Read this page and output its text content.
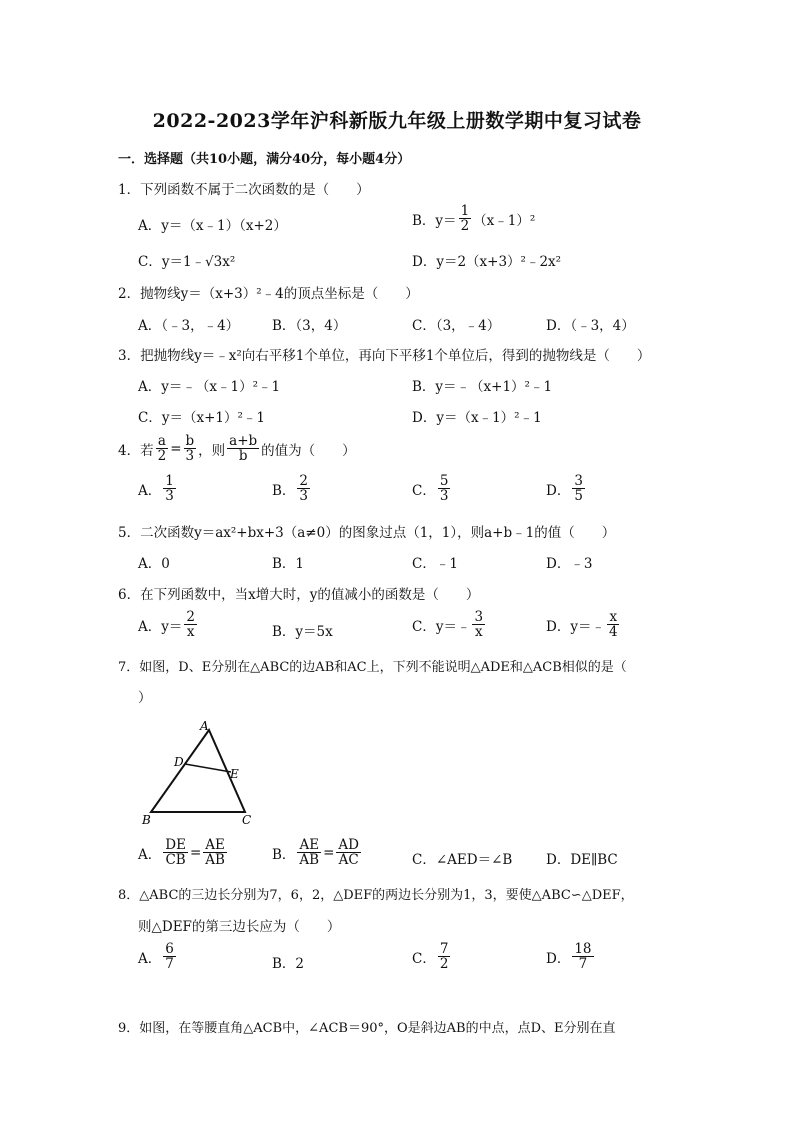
2022-2023学年沪科新版九年级上册数学期中复习试卷
一．选择题（共10小题，满分40分，每小题4分）
1．下列函数不属于二次函数的是（　　）
A．y＝（x﹣1）（x+2）	B．$y= \frac{1}{2}$ （x﹣1）²
C．y＝1﹣√3x²	D．y＝2（x+3）²﹣2x²
2．抛物线y＝（x+3）²﹣4的顶点坐标是（　　）
A．（﹣3，﹣4） B．（3，4）	C．（3，﹣4）	D．（﹣3，4）
3．把抛物线y＝﹣x²向右平移1个单位，再向下平移1个单位后，得到的抛物线是（　　）
A．y＝﹣（x﹣1）²﹣1	B．y＝﹣（x+1）²﹣1
C．y＝（x+1）²﹣1	D．y＝（x﹣1）²﹣1
4．若 $\frac{a}{2} = \frac{b}{3}$ ，则 $\frac{a+b}{b}$ 的值为（　　）
A． $\frac{1}{3}$	B． $\frac{2}{3}$	C． $\frac{5}{3}$	D． $\frac{3}{5}$
5．二次函数y＝ax²+bx+3（a≠0）的图象过点（1，1），则a+b﹣1的值（　　）
A．0	B．1	C．﹣1	D．﹣3
6．在下列函数中，当x增大时，y的值减小的函数是（　　）
A．$y= \frac{2}{x}$	B．y＝5x	C．y＝﹣ $\frac{3}{x}$	D．y＝﹣ $\frac{x}{4}$
7．如图，D、E分别在△ABC的边AB和AC上，下列不能说明△ADE和△ACB相似的是（
）
A
D
E
B	C
A． $\frac{DE}{CB} = \frac{AE}{AB}$	B． $\frac{AE}{AB} = \frac{AD}{AC}$	C．∠AED＝∠B D．DE∥BC
8．△ABC的三边长分别为7，6，2，△DEF的两边长分别为1，3，要使△ABC∽△DEF，
则△DEF的第三边长应为（　　）
A． $\frac{6}{7}$	B．2	C． $\frac{7}{2}$	D． $\frac{18}{7}$
9．如图，在等腰直角△ACB中，∠ACB＝90°，O是斜边AB的中点，点D、E分别在直
